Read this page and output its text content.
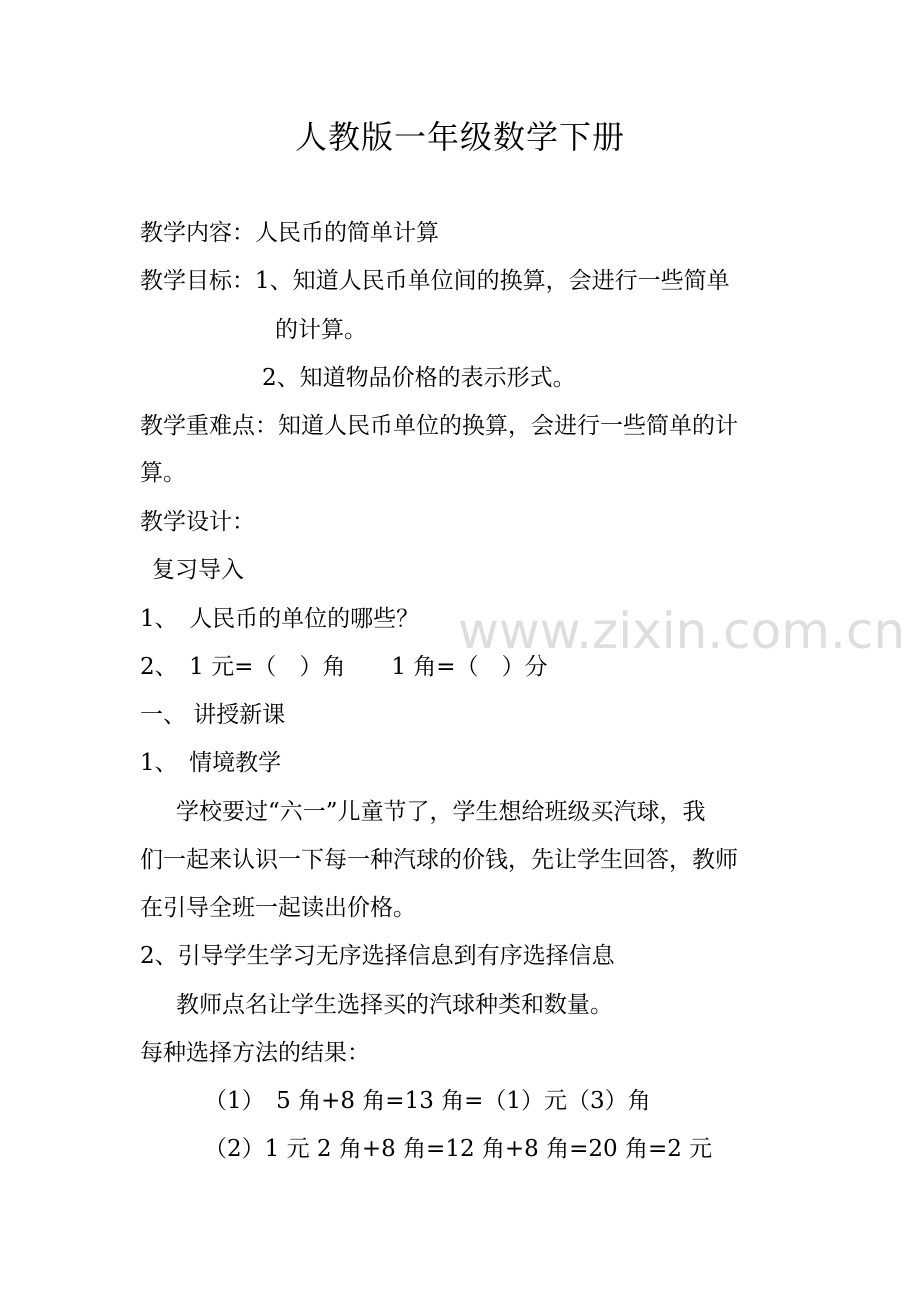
www.zixin.com.cn
人教版一年级数学下册

教学内容：人民币的简单计算

教学目标：1、知道人民币单位间的换算，会进行一些简单

的计算。

2、知道物品价格的表示形式。

教学重难点：知道人民币单位的换算，会进行一些简单的计

算。

教学设计：

复习导入

1、　人民币的单位的哪些？

2、　1 元=（　）角　　1 角=（　）分

一、 讲授新课

1、　情境教学

学校要过“六一”儿童节了，学生想给班级买汽球，我

们一起来认识一下每一种汽球的价钱，先让学生回答，教师

在引导全班一起读出价格。

2、引导学生学习无序选择信息到有序选择信息

教师点名让学生选择买的汽球种类和数量。

每种选择方法的结果：

（1）　5 角+8 角=13 角=（1）元（3）角

（2）1 元 2 角+8 角=12 角+8 角=20 角=2 元
